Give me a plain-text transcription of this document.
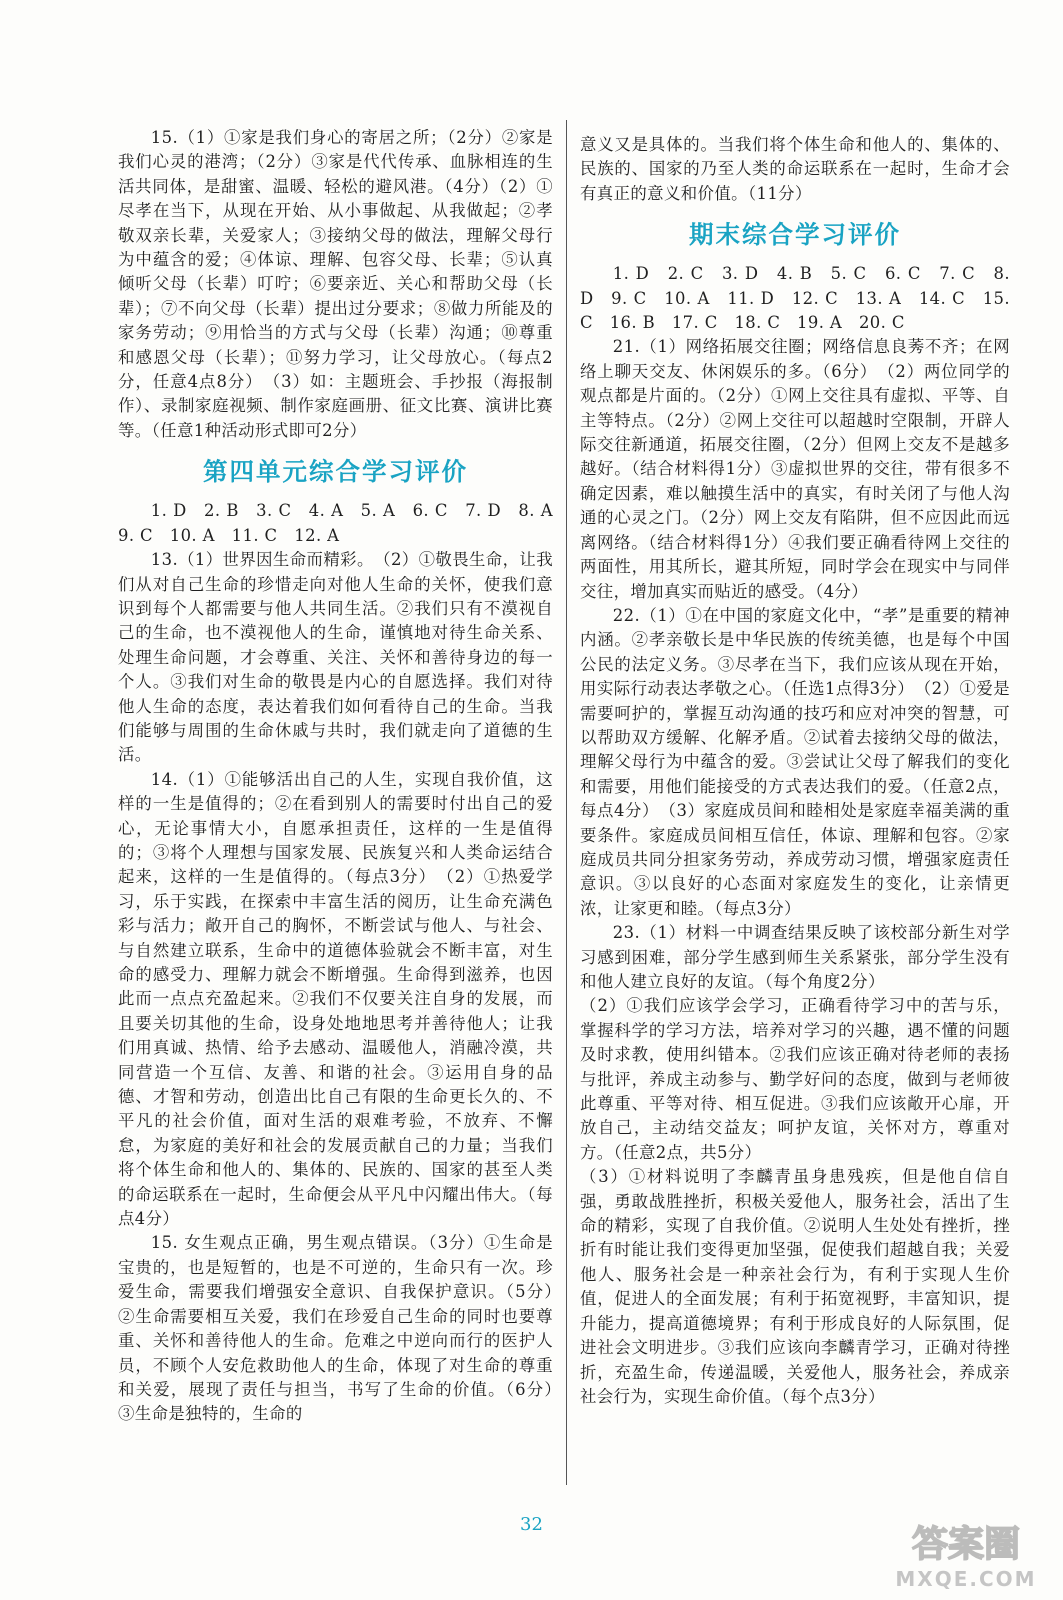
15.（1）①家是我们身心的寄居之所；（2分）②家是我们心灵的港湾；（2分）③家是代代传承、血脉相连的生活共同体，是甜蜜、温暖、轻松的避风港。（4分）（2）①尽孝在当下，从现在开始、从小事做起、从我做起；②孝敬双亲长辈，关爱家人；③接纳父母的做法，理解父母行为中蕴含的爱；④体谅、理解、包容父母、长辈；⑤认真倾听父母（长辈）叮咛；⑥要亲近、关心和帮助父母（长辈）；⑦不向父母（长辈）提出过分要求；⑧做力所能及的家务劳动；⑨用恰当的方式与父母（长辈）沟通；⑩尊重和感恩父母（长辈）；⑪努力学习，让父母放心。（每点2分，任意4点8分）　（3）如：主题班会、手抄报（海报制作）、录制家庭视频、制作家庭画册、征文比赛、演讲比赛等。（任意1种活动形式即可2分）

第四单元综合学习评价

1. D　2. B　3. C　4. A　5. A　6. C　7. D　8. A　9. C　10. A　11. C　12. A

13.（1）世界因生命而精彩。　（2）①敬畏生命，让我们从对自己生命的珍惜走向对他人生命的关怀，使我们意识到每个人都需要与他人共同生活。②我们只有不漠视自己的生命，也不漠视他人的生命，谨慎地对待生命关系、处理生命问题，才会尊重、关注、关怀和善待身边的每一个人。③我们对生命的敬畏是内心的自愿选择。我们对待他人生命的态度，表达着我们如何看待自己的生命。当我们能够与周围的生命休戚与共时，我们就走向了道德的生活。

14.（1）①能够活出自己的人生，实现自我价值，这样的一生是值得的；②在看到别人的需要时付出自己的爱心，无论事情大小，自愿承担责任，这样的一生是值得的；③将个人理想与国家发展、民族复兴和人类命运结合起来，这样的一生是值得的。（每点3分）　（2）①热爱学习，乐于实践，在探索中丰富生活的阅历，让生命充满色彩与活力；敞开自己的胸怀，不断尝试与他人、与社会、与自然建立联系，生命中的道德体验就会不断丰富，对生命的感受力、理解力就会不断增强。生命得到滋养，也因此而一点点充盈起来。②我们不仅要关注自身的发展，而且要关切其他的生命，设身处地地思考并善待他人；让我们用真诚、热情、给予去感动、温暖他人，消融冷漠，共同营造一个互信、友善、和谐的社会。③运用自身的品德、才智和劳动，创造出比自己有限的生命更长久的、不平凡的社会价值，面对生活的艰难考验，不放弃、不懈怠，为家庭的美好和社会的发展贡献自己的力量；当我们将个体生命和他人的、集体的、民族的、国家的甚至人类的命运联系在一起时，生命便会从平凡中闪耀出伟大。（每点4分）

15. 女生观点正确，男生观点错误。（3分）①生命是宝贵的，也是短暂的，也是不可逆的，生命只有一次。珍爱生命，需要我们增强安全意识、自我保护意识。（5分）　②生命需要相互关爱，我们在珍爱自己生命的同时也要尊重、关怀和善待他人的生命。危难之中逆向而行的医护人员，不顾个人安危救助他人的生命，体现了对生命的尊重和关爱，展现了责任与担当，书写了生命的价值。（6分）　③生命是独特的，生命的

意义又是具体的。当我们将个体生命和他人的、集体的、民族的、国家的乃至人类的命运联系在一起时，生命才会有真正的意义和价值。（11分）

期末综合学习评价

1. D　2. C　3. D　4. B　5. C　6. C　7. C　8. D　9. C　10. A　11. D　12. C　13. A　14. C　15. C　16. B　17. C　18. C　19. A　20. C

21.（1）网络拓展交往圈；网络信息良莠不齐；在网络上聊天交友、休闲娱乐的多。（6分）　（2）两位同学的观点都是片面的。（2分）①网上交往具有虚拟、平等、自主等特点。（2分）②网上交往可以超越时空限制，开辟人际交往新通道，拓展交往圈，（2分）但网上交友不是越多越好。（结合材料得1分）③虚拟世界的交往，带有很多不确定因素，难以触摸生活中的真实，有时关闭了与他人沟通的心灵之门。（2分）网上交友有陷阱，但不应因此而远离网络。（结合材料得1分）④我们要正确看待网上交往的两面性，用其所长，避其所短，同时学会在现实中与同伴交往，增加真实而贴近的感受。（4分）

22.（1）①在中国的家庭文化中，“孝”是重要的精神内涵。②孝亲敬长是中华民族的传统美德，也是每个中国公民的法定义务。③尽孝在当下，我们应该从现在开始，用实际行动表达孝敬之心。（任选1点得3分）　（2）①爱是需要呵护的，掌握互动沟通的技巧和应对冲突的智慧，可以帮助双方缓解、化解矛盾。②试着去接纳父母的做法，理解父母行为中蕴含的爱。③尝试让父母了解我们的变化和需要，用他们能接受的方式表达我们的爱。（任意2点，每点4分）　（3）家庭成员间和睦相处是家庭幸福美满的重要条件。家庭成员间相互信任，体谅、理解和包容。②家庭成员共同分担家务劳动，养成劳动习惯，增强家庭责任意识。③以良好的心态面对家庭发生的变化，让亲情更浓，让家更和睦。（每点3分）

23.（1）材料一中调查结果反映了该校部分新生对学习感到困难，部分学生感到师生关系紧张，部分学生没有和他人建立良好的友谊。（每个角度2分）

（2）①我们应该学会学习，正确看待学习中的苦与乐，掌握科学的学习方法，培养对学习的兴趣，遇不懂的问题及时求教，使用纠错本。②我们应该正确对待老师的表扬与批评，养成主动参与、勤学好问的态度，做到与老师彼此尊重、平等对待、相互促进。③我们应该敞开心扉，开放自己，主动结交益友；呵护友谊，关怀对方，尊重对方。（任意2点，共5分）

（3）①材料说明了李麟青虽身患残疾，但是他自信自强，勇敢战胜挫折，积极关爱他人，服务社会，活出了生命的精彩，实现了自我价值。②说明人生处处有挫折，挫折有时能让我们变得更加坚强，促使我们超越自我；关爱他人、服务社会是一种亲社会行为，有利于实现人生价值，促进人的全面发展；有利于拓宽视野，丰富知识，提升能力，提高道德境界；有利于形成良好的人际氛围，促进社会文明进步。③我们应该向李麟青学习，正确对待挫折，充盈生命，传递温暖，关爱他人，服务社会，养成亲社会行为，实现生命价值。（每个点3分）

32	答案圈
MXQE.COM
